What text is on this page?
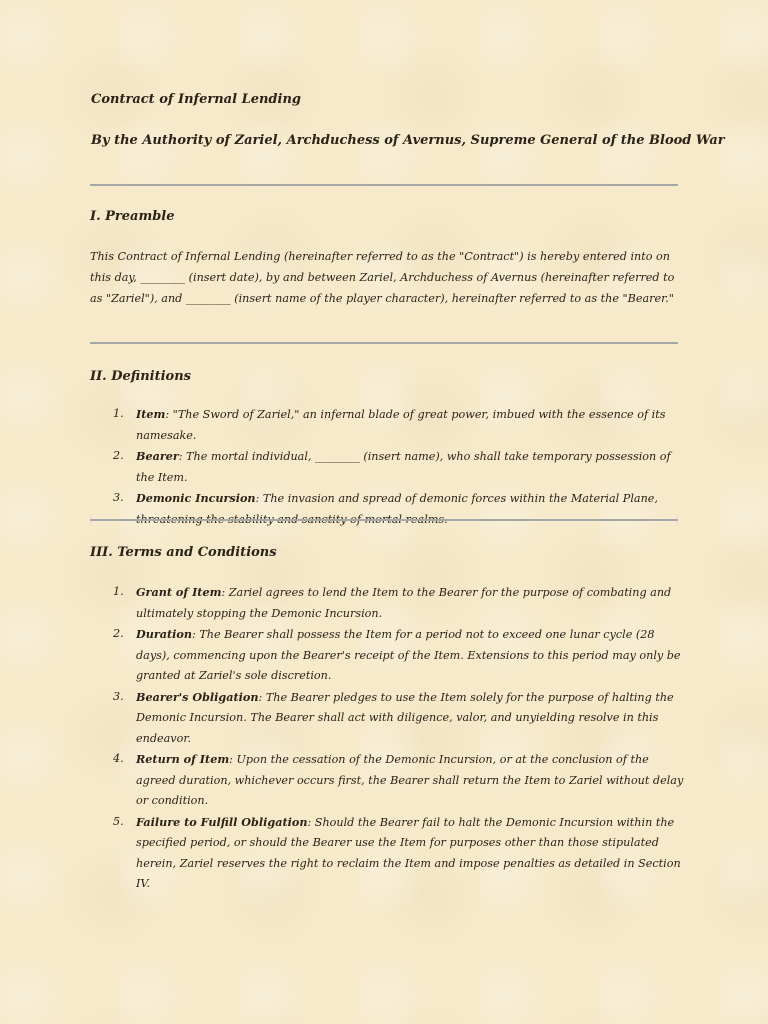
Contract of Infernal Lending
By the Authority of Zariel, Archduchess of Avernus, Supreme General of the Blood War
I. Preamble
This Contract of Infernal Lending (hereinafter referred to as the "Contract") is hereby entered into on this day, ________ (insert date), by and between Zariel, Archduchess of Avernus (hereinafter referred to as "Zariel"), and ________ (insert name of the player character), hereinafter referred to as the "Bearer."
II. Definitions
1. Item: "The Sword of Zariel," an infernal blade of great power, imbued with the essence of its namesake.
2. Bearer: The mortal individual, ________ (insert name), who shall take temporary possession of the Item.
3. Demonic Incursion: The invasion and spread of demonic forces within the Material Plane, threatening the stability and sanctity of mortal realms.
III. Terms and Conditions
1. Grant of Item: Zariel agrees to lend the Item to the Bearer for the purpose of combating and ultimately stopping the Demonic Incursion.
2. Duration: The Bearer shall possess the Item for a period not to exceed one lunar cycle (28 days), commencing upon the Bearer's receipt of the Item. Extensions to this period may only be granted at Zariel's sole discretion.
3. Bearer's Obligation: The Bearer pledges to use the Item solely for the purpose of halting the Demonic Incursion. The Bearer shall act with diligence, valor, and unyielding resolve in this endeavor.
4. Return of Item: Upon the cessation of the Demonic Incursion, or at the conclusion of the agreed duration, whichever occurs first, the Bearer shall return the Item to Zariel without delay or condition.
5. Failure to Fulfill Obligation: Should the Bearer fail to halt the Demonic Incursion within the specified period, or should the Bearer use the Item for purposes other than those stipulated herein, Zariel reserves the right to reclaim the Item and impose penalties as detailed in Section IV.
